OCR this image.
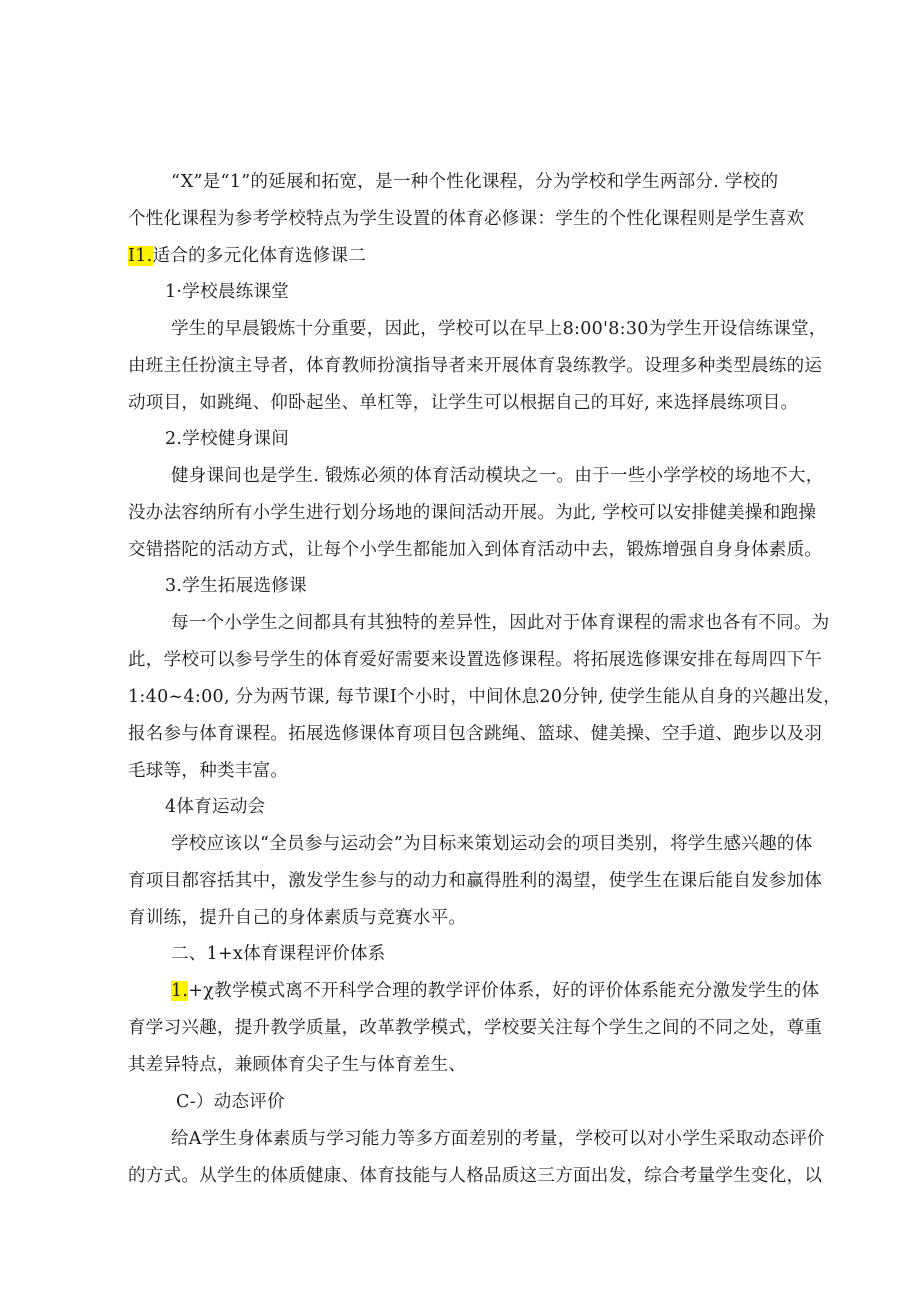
“X”是“1”的延展和拓宽，是一种个性化课程，分为学校和学生两部分. 学校的
个性化课程为参考学校特点为学生设置的体育必修课：学生的个性化课程则是学生喜欢
I1.适合的多元化体育选修课二
1·学校晨练课堂
学生的早晨锻炼十分重要，因此，学校可以在早上8:00'8:30为学生开设信练课堂，
由班主任扮演主导者，体育教师扮演指导者来开展体育袅练教学。设理多种类型晨练的运
动项目，如跳绳、仰卧起坐、单杠等，让学生可以根据自己的耳好, 来选择晨练项目。
2.学校健身课间
健身课间也是学生. 锻炼必须的体育活动模块之一。由于一些小学学校的场地不大，
没办法容纳所有小学生进行划分场地的课间活动开展。为此, 学校可以安排健美操和跑操
交错搭陀的活动方式，让每个小学生都能加入到体育活动中去，锻炼增强自身身体素质。
3.学生拓展选修课
每一个小学生之间都具有其独特的差异性，因此对于体育课程的需求也各有不同。为
此，学校可以参号学生的体育爱好需要来设置选修课程。将拓展选修课安排在每周四下午
1:40~4:00, 分为两节课, 每节课I个小时，中间休息20分钟, 使学生能从自身的兴趣出发，
报名参与体育课程。拓展选修课体育项目包含跳绳、篮球、健美操、空手道、跑步以及羽
毛球等，种类丰富。
4体育运动会
学校应该以“全员参与运动会”为目标来策划运动会的项目类别，将学生感兴趣的体
育项目都容括其中，激发学生参与的动力和赢得胜利的渴望，使学生在课后能自发参加体
育训练，提升自己的身体素质与竞赛水平。
二、1+x体育课程评价体系
1.+χ教学模式离不开科学合理的教学评价体系，好的评价体系能充分激发学生的体
育学习兴趣，提升教学质量，改革教学模式，学校要关注每个学生之间的不同之处，尊重
其差异特点，兼顾体育尖子生与体育差生、
C-）动态评价
给A学生身体素质与学习能力等多方面差别的考量，学校可以对小学生采取动态评价
的方式。从学生的体质健康、体育技能与人格品质这三方面出发，综合考量学生变化，以
